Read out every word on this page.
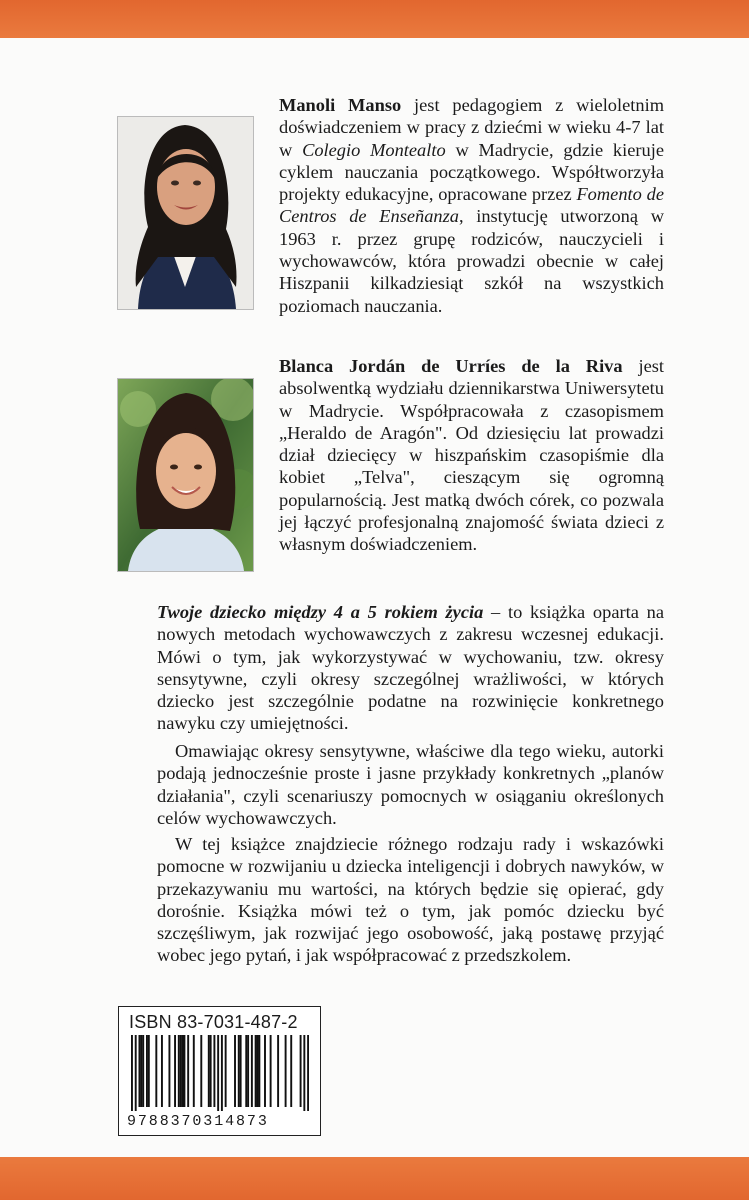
Manoli Manso jest pedagogiem z wieloletnim doświadczeniem w pracy z dziećmi w wieku 4-7 lat w Colegio Montealto w Madrycie, gdzie kieruje cyklem nauczania początkowego. Współtworzyła projekty edukacyjne, opracowane przez Fomento de Centros de Enseñanza, instytucję utworzoną w 1963 r. przez grupę rodziców, nauczycieli i wychowawców, która prowadzi obecnie w całej Hiszpanii kilkadziesiąt szkół na wszystkich poziomach nauczania.

Blanca Jordán de Urríes de la Riva jest absolwentką wydziału dziennikarstwa Uniwersytetu w Madrycie. Współpracowała z czasopismem „Heraldo de Aragón". Od dziesięciu lat prowadzi dział dziecięcy w hiszpańskim czasopiśmie dla kobiet „Telva", cieszącym się ogromną popularnością. Jest matką dwóch córek, co pozwala jej łączyć profesjonalną znajomość świata dzieci z własnym doświadczeniem.

Twoje dziecko między 4 a 5 rokiem życia – to książka oparta na nowych metodach wychowawczych z zakresu wczesnej edukacji. Mówi o tym, jak wykorzystywać w wychowaniu, tzw. okresy sensytywne, czyli okresy szczególnej wrażliwości, w których dziecko jest szczególnie podatne na rozwinięcie konkretnego nawyku czy umiejętności.

Omawiając okresy sensytywne, właściwe dla tego wieku, autorki podają jednocześnie proste i jasne przykłady konkretnych „planów działania", czyli scenariuszy pomocnych w osiąganiu określonych celów wychowawczych.

W tej książce znajdziecie różnego rodzaju rady i wskazówki pomocne w rozwijaniu u dziecka inteligencji i dobrych nawyków, w przekazywaniu mu wartości, na których będzie się opierać, gdy dorośnie. Książka mówi też o tym, jak pomóc dziecku być szczęśliwym, jak rozwijać jego osobowość, jaką postawę przyjąć wobec jego pytań, i jak współpracować z przedszkolem.

ISBN 83-7031-487-2
9788370314873
